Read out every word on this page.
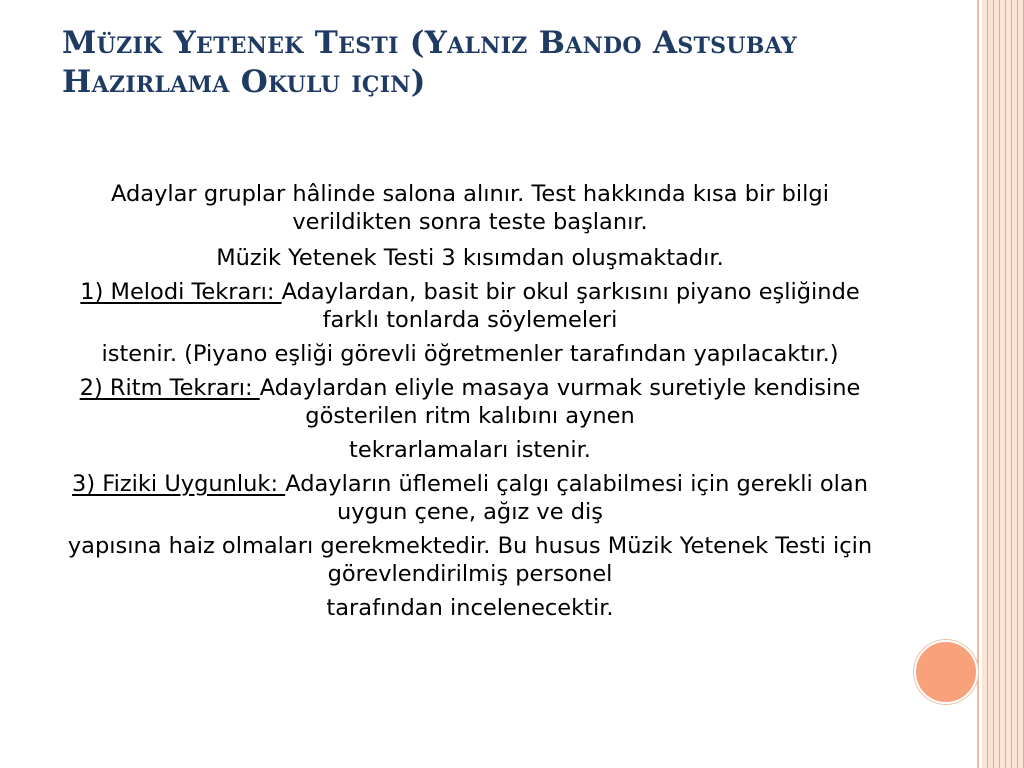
Müzik Yetenek Testi (Yalnız Bando Astsubay Hazırlama Okulu için)

Adaylar gruplar hâlinde salona alınır. Test hakkında kısa bir bilgi verildikten sonra teste başlanır.

Müzik Yetenek Testi 3 kısımdan oluşmaktadır.

1) Melodi Tekrarı: Adaylardan, basit bir okul şarkısını piyano eşliğinde farklı tonlarda söylemeleri

istenir. (Piyano eşliği görevli öğretmenler tarafından yapılacaktır.)

2) Ritm Tekrarı: Adaylardan eliyle masaya vurmak suretiyle kendisine gösterilen ritm kalıbını aynen

tekrarlamaları istenir.

3) Fiziki Uygunluk: Adayların üflemeli çalgı çalabilmesi için gerekli olan uygun çene, ağız ve diş

yapısına haiz olmaları gerekmektedir. Bu husus Müzik Yetenek Testi için görevlendirilmiş personel

tarafından incelenecektir.
